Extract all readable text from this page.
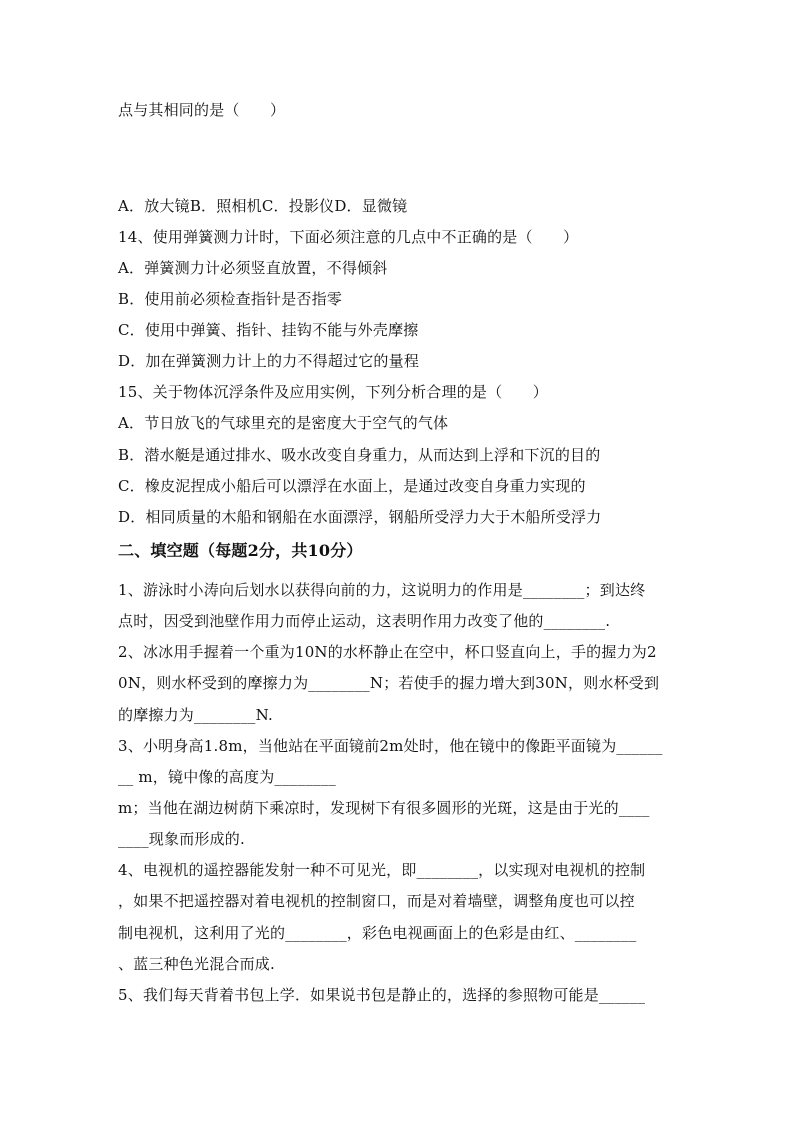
点与其相同的是（　　）
A．放大镜B．照相机C．投影仪D．显微镜
14、使用弹簧测力计时，下面必须注意的几点中不正确的是（　　）
A．弹簧测力计必须竖直放置，不得倾斜
B．使用前必须检查指针是否指零
C．使用中弹簧、指针、挂钩不能与外壳摩擦
D．加在弹簧测力计上的力不得超过它的量程
15、关于物体沉浮条件及应用实例，下列分析合理的是（　　）
A．节日放飞的气球里充的是密度大于空气的气体
B．潜水艇是通过排水、吸水改变自身重力，从而达到上浮和下沉的目的
C．橡皮泥捏成小船后可以漂浮在水面上，是通过改变自身重力实现的
D．相同质量的木船和钢船在水面漂浮，钢船所受浮力大于木船所受浮力
二、填空题（每题2分，共10分）
1、游泳时小涛向后划水以获得向前的力，这说明力的作用是________；到达终
点时，因受到池壁作用力而停止运动，这表明作用力改变了他的________.
2、冰冰用手握着一个重为10N的水杯静止在空中，杯口竖直向上，手的握力为2
0N，则水杯受到的摩擦力为________N；若使手的握力增大到30N，则水杯受到
的摩擦力为________N.
3、小明身高1.8m，当他站在平面镜前2m处时，他在镜中的像距平面镜为______
__ m，镜中像的高度为________
m；当他在湖边树荫下乘凉时，发现树下有很多圆形的光斑，这是由于光的____
____现象而形成的.
4、电视机的遥控器能发射一种不可见光，即________，以实现对电视机的控制
，如果不把遥控器对着电视机的控制窗口，而是对着墙壁，调整角度也可以控
制电视机，这利用了光的________，彩色电视画面上的色彩是由红、________
、蓝三种色光混合而成.
5、我们每天背着书包上学．如果说书包是静止的，选择的参照物可能是______
